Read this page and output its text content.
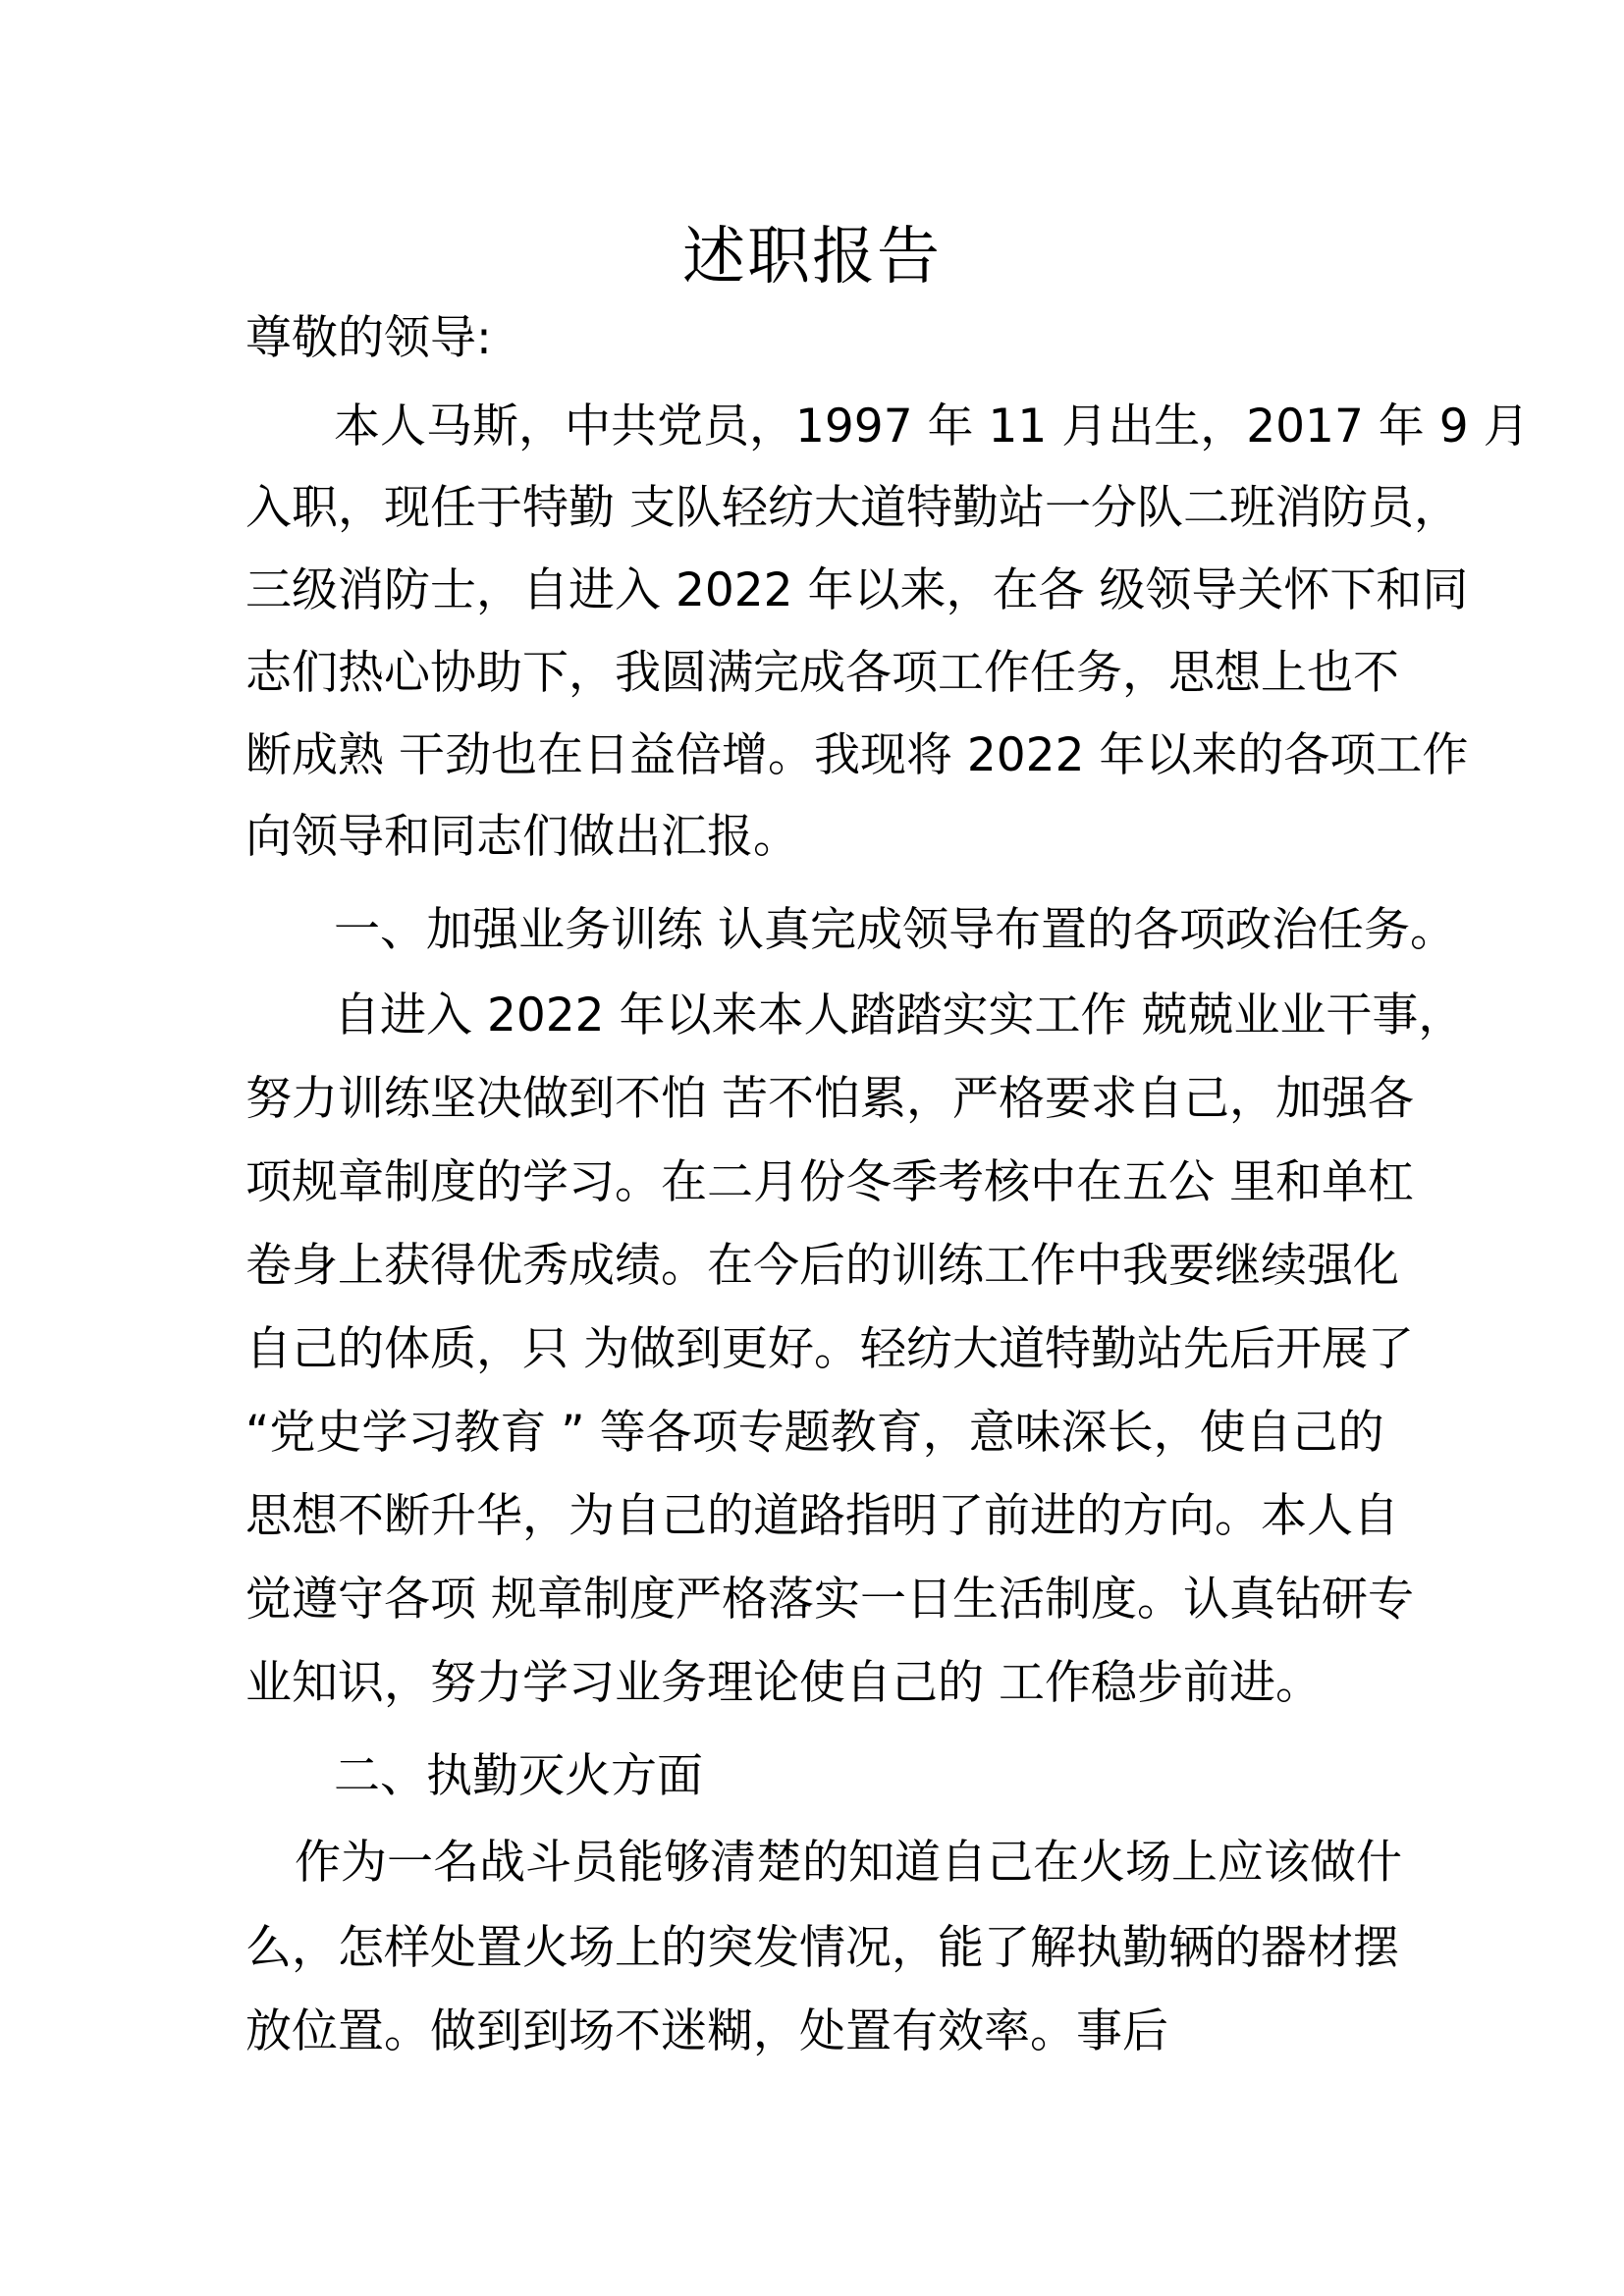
述职报告
尊敬的领导:
本人马斯，中共党员，1997 年 11 月出生，2017 年 9 月
入职，现任于特勤 支队轻纺大道特勤站一分队二班消防员，
三级消防士，自进入 2022 年以来，在各 级领导关怀下和同
志们热心协助下，我圆满完成各项工作任务，思想上也不
断成熟 干劲也在日益倍增。我现将 2022 年以来的各项工作
向领导和同志们做出汇报。
一、加强业务训练 认真完成领导布置的各项政治任务。
自进入 2022 年以来本人踏踏实实工作 兢兢业业干事，
努力训练坚决做到不怕 苦不怕累，严格要求自己，加强各
项规章制度的学习。在二月份冬季考核中在五公 里和单杠
卷身上获得优秀成绩。在今后的训练工作中我要继续强化
自己的体质，只 为做到更好。轻纺大道特勤站先后开展了
“党史学习教育 ” 等各项专题教育，意味深长，使自己的
思想不断升华，为自己的道路指明了前进的方向。本人自
觉遵守各项 规章制度严格落实一日生活制度。认真钻研专
业知识，努力学习业务理论使自己的 工作稳步前进。
二、执勤灭火方面
作为一名战斗员能够清楚的知道自己在火场上应该做什
么，怎样处置火场上的突发情况，能了解执勤辆的器材摆
放位置。做到到场不迷糊，处置有效率。事后
